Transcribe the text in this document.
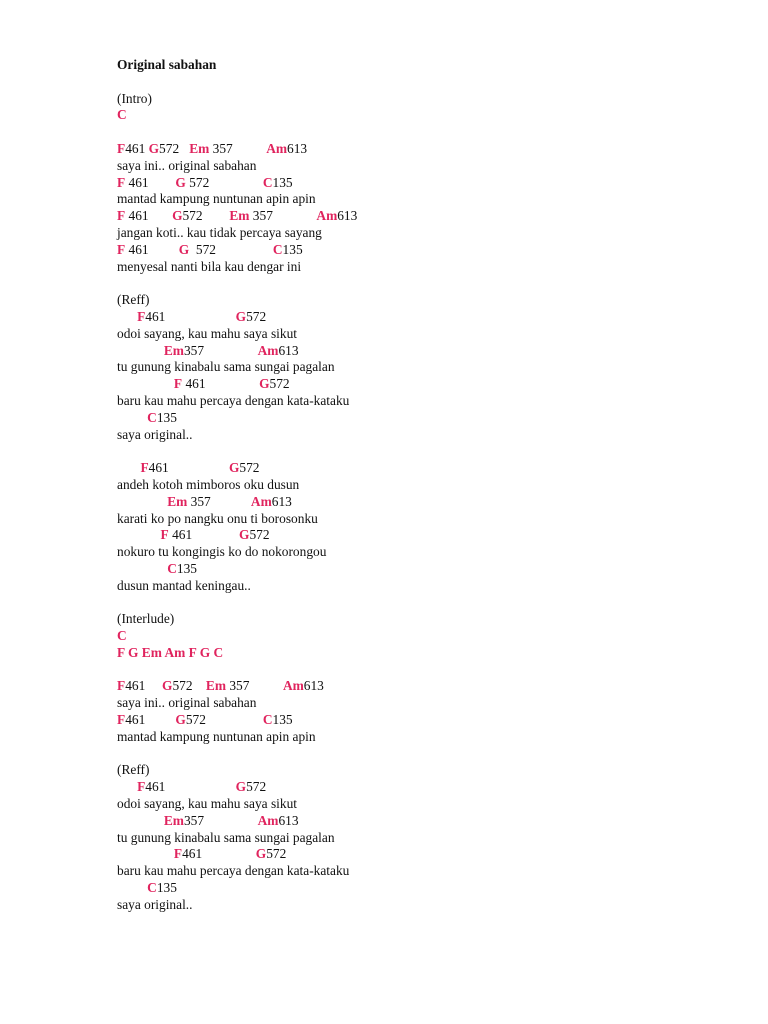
Original sabahan
(Intro)
C
F461 G572   Em 357          Am613
saya ini.. original sabahan
F 461        G 572                C135
mantad kampung nuntunan apin apin
F 461       G572        Em 357             Am613
jangan koti.. kau tidak percaya sayang
F 461         G  572                 C135
menyesal nanti bila kau dengar ini
(Reff)
F461                     G572
odoi sayang, kau mahu saya sikut
Em357                Am613
tu gunung kinabalu sama sungai pagalan
F 461                G572
baru kau mahu percaya dengan kata-kataku
C135
saya original..
F461                  G572
andeh kotoh mimboros oku dusun
Em 357            Am613
karati ko po nangku onu ti borosonku
F 461              G572
nokuro tu kongingis ko do nokorongou
C135
dusun mantad keningau..
(Interlude)
C
F G Em Am F G C
F461     G572    Em 357          Am613
saya ini.. original sabahan
F461         G572                 C135
mantad kampung nuntunan apin apin
(Reff)
F461                     G572
odoi sayang, kau mahu saya sikut
Em357                Am613
tu gunung kinabalu sama sungai pagalan
F461                G572
baru kau mahu percaya dengan kata-kataku
C135
saya original..
